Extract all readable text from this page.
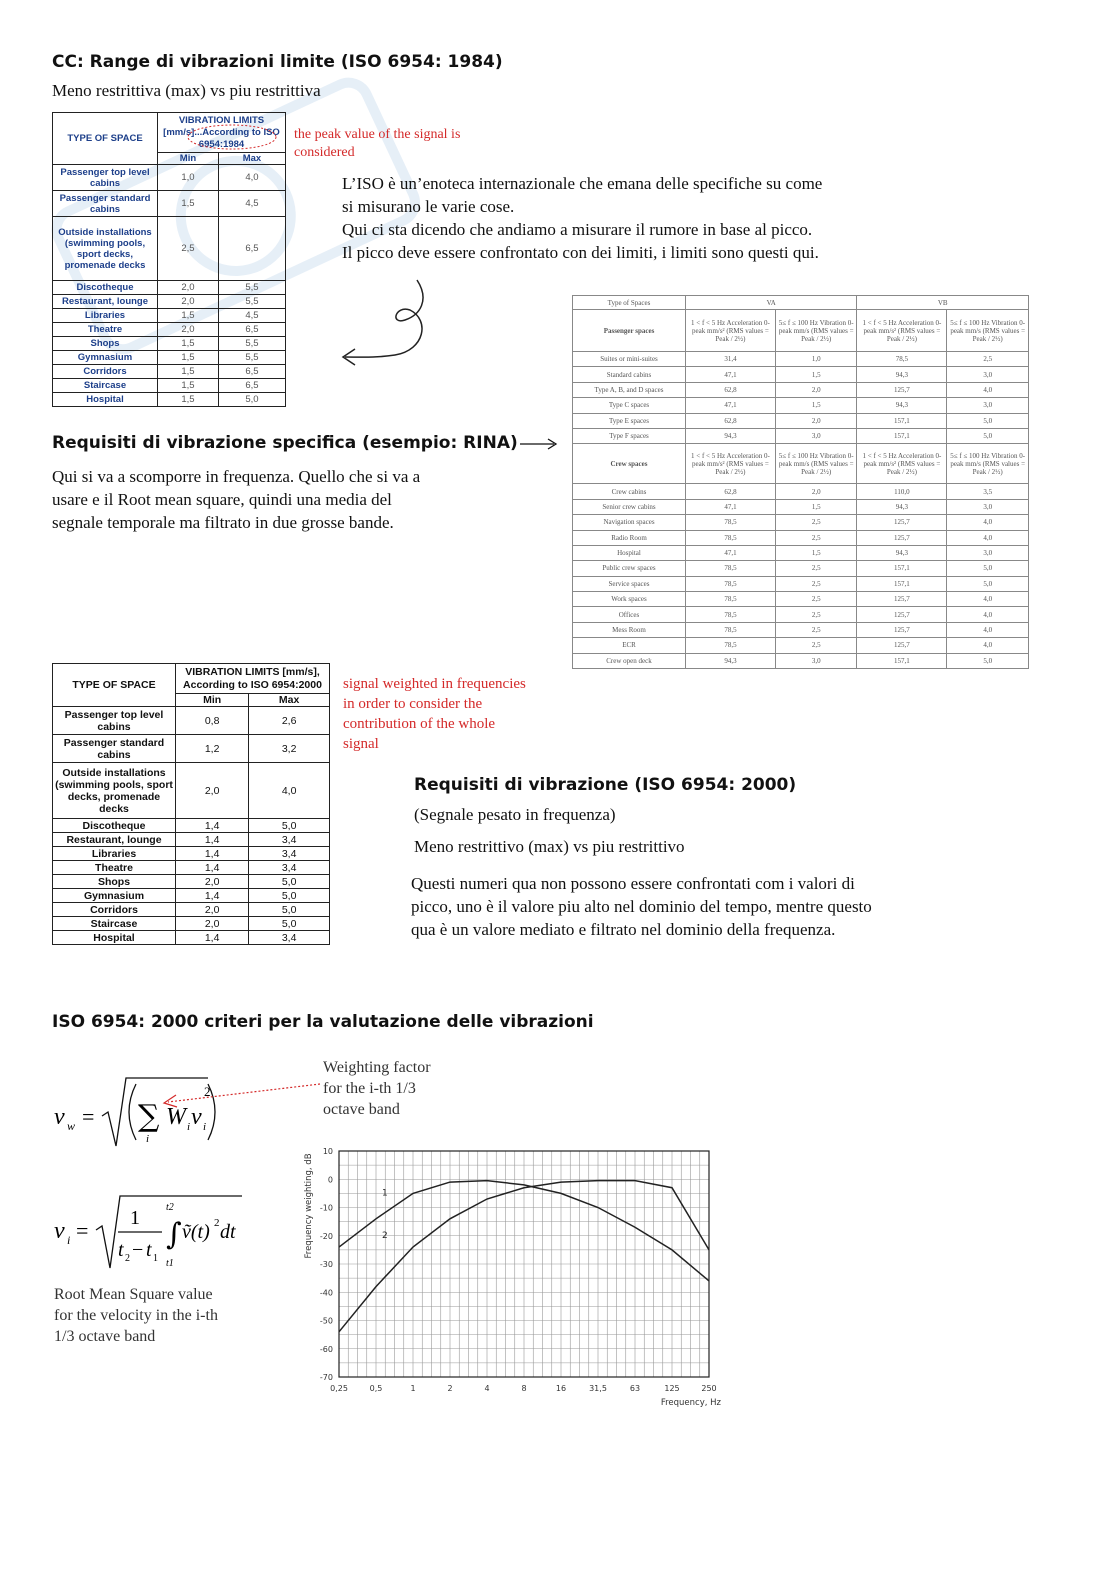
CC: Range di vibrazioni limite (ISO 6954: 1984)
Meno restrittiva (max) vs piu restrittiva
TYPE OF SPACE	VIBRATION LIMITS [mm/s]...According to ISO 6954:1984	
	Min	Max
Passenger top level cabins	1,0	4,0
Passenger standard cabins	1,5	4,5
Outside installations (swimming pools, sport decks, promenade decks	2,5	6,5
Discotheque	2,0	5,5
Restaurant, lounge	2,0	5,5
Libraries	1,5	4,5
Theatre	2,0	6,5
Shops	1,5	5,5
Gymnasium	1,5	5,5
Corridors	1,5	6,5
Staircase	1,5	6,5
Hospital	1,5	5,0
the peak value of the signal is considered
L’ISO è un’enoteca internazionale che emana delle specifiche su come
si misurano le varie cose.
Qui ci sta dicendo che andiamo a misurare il rumore in base al picco.
Il picco deve essere confrontato con dei limiti, i limiti sono questi qui.
Requisiti di vibrazione specifica (esempio: RINA)
Qui si va a scomporre in frequenza. Quello che si va a
usare e il Root mean square, quindi una media del
segnale temporale ma filtrato in due grosse bande.
Type of Spaces	VA		VB	
Passenger spaces	1 < f < 5 Hz Acceleration 0-peak mm/s² (RMS values = Peak / 2½)	5≤ f ≤ 100 Hz Vibration 0-peak mm/s (RMS values = Peak / 2½)	1 < f < 5 Hz Acceleration 0-peak mm/s² (RMS values = Peak / 2½)	5≤ f ≤ 100 Hz Vibration 0-peak mm/s (RMS values = Peak / 2½)
Suites or mini-suites	31,4	1,0	78,5	2,5
Standard cabins	47,1	1,5	94,3	3,0
Type A, B, and D spaces	62,8	2,0	125,7	4,0
Type C spaces	47,1	1,5	94,3	3,0
Type E spaces	62,8	2,0	157,1	5,0
Type F spaces	94,3	3,0	157,1	5,0
Crew spaces	1 < f < 5 Hz Acceleration 0-peak mm/s² (RMS values = Peak / 2½)	5≤ f ≤ 100 Hz Vibration 0-peak mm/s (RMS values = Peak / 2½)	1 < f < 5 Hz Acceleration 0-peak mm/s² (RMS values = Peak / 2½)	5≤ f ≤ 100 Hz Vibration 0-peak mm/s (RMS values = Peak / 2½)
Crew cabins	62,8	2,0	110,0	3,5
Senior crew cabins	47,1	1,5	94,3	3,0
Navigation spaces	78,5	2,5	125,7	4,0
Radio Room	78,5	2,5	125,7	4,0
Hospital	47,1	1,5	94,3	3,0
Public crew spaces	78,5	2,5	157,1	5,0
Service spaces	78,5	2,5	157,1	5,0
Work spaces	78,5	2,5	125,7	4,0
Offices	78,5	2,5	125,7	4,0
Mess Room	78,5	2,5	125,7	4,0
ECR	78,5	2,5	125,7	4,0
Crew open deck	94,3	3,0	157,1	5,0
TYPE OF SPACE	VIBRATION LIMITS [mm/s], According to ISO 6954:2000	
	Min	Max
Passenger top level cabins	0,8	2,6
Passenger standard cabins	1,2	3,2
Outside installations (swimming pools, sport decks, promenade decks	2,0	4,0
Discotheque	1,4	5,0
Restaurant, lounge	1,4	3,4
Libraries	1,4	3,4
Theatre	1,4	3,4
Shops	2,0	5,0
Gymnasium	1,4	5,0
Corridors	2,0	5,0
Staircase	2,0	5,0
Hospital	1,4	3,4
signal weighted in frequencies
in order to consider the
contribution of the whole
signal
Requisiti di vibrazione (ISO 6954: 2000)
(Segnale pesato in frequenza)
Meno restrittivo (max) vs piu restrittivo
Questi numeri qua non possono essere confrontati com i valori di
picco, uno è il valore piu alto nel dominio del tempo, mentre questo
qua è un valore mediato e filtrato nel dominio della frequenza.
ISO 6954: 2000 criteri per la valutazione delle vibrazioni
Weighting factor
for the i-th 1/3
octave band
v w = ∑
i
W i v i
2
v i = 1
t 2 − t 1
∫
t2
t1
ṽ(t) 2 dt
Root Mean Square value
for the velocity in the i-th
1/3 octave band
10
0
-10
-20
-30
-40
-50
-60
-70
0,25	0,5	1	2	4	8	16	31,5	63	125	250
Frequency, Hz
Frequency weighting, dB	1
2
